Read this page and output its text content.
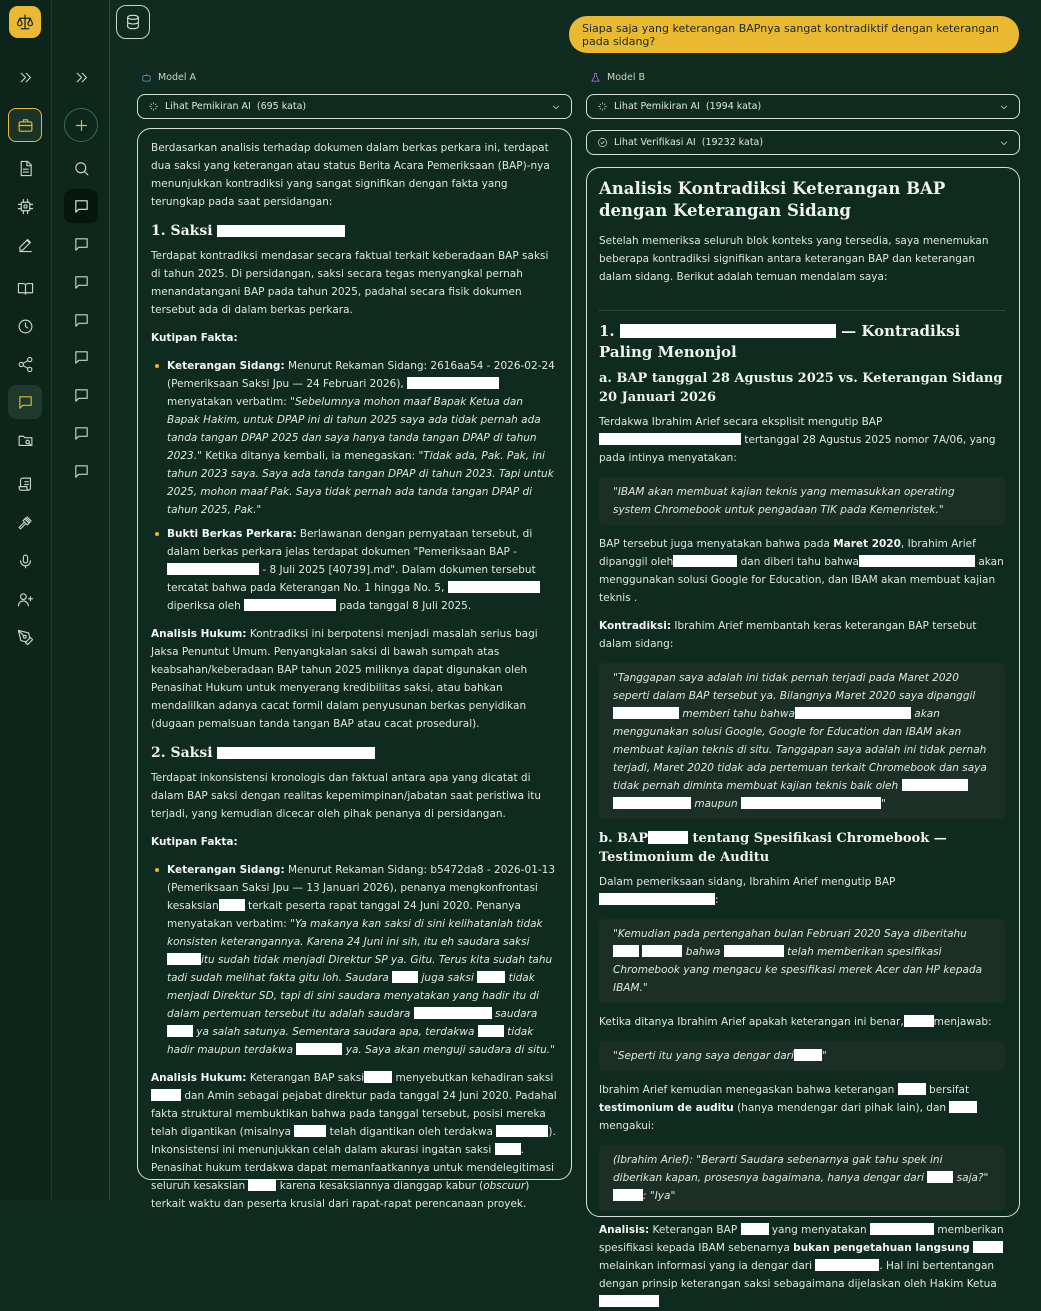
Siapa saja yang keterangan BAPnya sangat kontradiktif dengan keterangan pada sidang?
Model A
Lihat Pemikiran AI (695 kata)
Model B
Lihat Pemikiran AI (1994 kata)
Lihat Verifikasi AI (19232 kata)

Berdasarkan analisis terhadap dokumen dalam berkas perkara ini, terdapat dua saksi yang keterangan atau status Berita Acara Pemeriksaan (BAP)-nya menunjukkan kontradiksi yang sangat signifikan dengan fakta yang terungkap pada saat persidangan:

1. Saksi

Terdapat kontradiksi mendasar secara faktual terkait keberadaan BAP saksi di tahun 2025. Di persidangan, saksi secara tegas menyangkal pernah menandatangani BAP pada tahun 2025, padahal secara fisik dokumen tersebut ada di dalam berkas perkara.

Kutipan Fakta:

Keterangan Sidang: Menurut Rekaman Sidang: 2616aa54 - 2026-02-24 (Pemeriksaan Saksi Jpu — 24 Februari 2026),  menyatakan verbatim: "Sebelumnya mohon maaf Bapak Ketua dan Bapak Hakim, untuk DPAP ini di tahun 2025 saya ada tidak pernah ada tanda tangan DPAP 2025 dan saya hanya tanda tangan DPAP di tahun 2023." Ketika ditanya kembali, ia menegaskan: "Tidak ada, Pak. Pak, ini tahun 2023 saya. Saya ada tanda tangan DPAP di tahun 2023. Tapi untuk 2025, mohon maaf Pak. Saya tidak pernah ada tanda tangan DPAP di tahun 2025, Pak."
Bukti Berkas Perkara: Berlawanan dengan pernyataan tersebut, di dalam berkas perkara jelas terdapat dokumen "Pemeriksaan BAP - - 8 Juli 2025 [40739].md". Dalam dokumen tersebut tercatat bahwa pada Keterangan No. 1 hingga No. 5,  diperiksa oleh	pada tanggal 8 Juli 2025.

Analisis Hukum: Kontradiksi ini berpotensi menjadi masalah serius bagi Jaksa Penuntut Umum. Penyangkalan saksi di bawah sumpah atas keabsahan/keberadaan BAP tahun 2025 miliknya dapat digunakan oleh Penasihat Hukum untuk menyerang kredibilitas saksi, atau bahkan mendalilkan adanya cacat formil dalam penyusunan berkas penyidikan (dugaan pemalsuan tanda tangan BAP atau cacat prosedural).

2. Saksi

Terdapat inkonsistensi kronologis dan faktual antara apa yang dicatat di dalam BAP saksi dengan realitas kepemimpinan/jabatan saat peristiwa itu terjadi, yang kemudian dicecar oleh pihak penanya di persidangan.

Kutipan Fakta:

Keterangan Sidang: Menurut Rekaman Sidang: b5472da8 - 2026-01-13 (Pemeriksaan Saksi Jpu — 13 Januari 2026), penanya mengkonfrontasi kesaksian	terkait peserta rapat tanggal 24 Juni 2020. Penanya menyatakan verbatim: "Ya makanya kan saksi di sini kelihatanlah tidak konsisten keterangannya. Karena 24 Juni ini sih, itu eh saudara saksiitu sudah tidak menjadi Direktur SP ya. Gitu. Terus kita sudah tahu tadi sudah melihat fakta gitu loh. Saudara	juga saksi	tidak menjadi Direktur SD, tapi di sini saudara menyatakan yang hadir itu di dalam pertemuan tersebut itu adalah saudara	saudara  ya salah satunya. Sementara saudara apa, terdakwa	tidak hadir maupun terdakwa	ya. Saya akan menguji saudara di situ."

Analisis Hukum: Keterangan BAP saksi	menyebutkan kehadiran saksi  dan Amin sebagai pejabat direktur pada tanggal 24 Juni 2020. Padahal fakta struktural membuktikan bahwa pada tanggal tersebut, posisi mereka telah digantikan (misalnya	telah digantikan oleh terdakwa	). Inkonsistensi ini menunjukkan celah dalam akurasi ingatan saksi	. Penasihat hukum terdakwa dapat memanfaatkannya untuk mendelegitimasi seluruh kesaksian	karena kesaksiannya dianggap kabur (obscuur) terkait waktu dan peserta krusial dari rapat-rapat perencanaan proyek.

Analisis Kontradiksi Keterangan BAP dengan Keterangan Sidang

Setelah memeriksa seluruh blok konteks yang tersedia, saya menemukan beberapa kontradiksi signifikan antara keterangan BAP dan keterangan dalam sidang. Berikut adalah temuan mendalam saya:

1.	— Kontradiksi Paling Menonjol
a. BAP tanggal 28 Agustus 2025 vs. Keterangan Sidang 20 Januari 2026

Terdakwa Ibrahim Arief secara eksplisit mengutip BAP tertanggal 28 Agustus 2025 nomor 7A/06, yang pada intinya menyatakan:

"IBAM akan membuat kajian teknis yang memasukkan operating system Chromebook untuk pengadaan TIK pada Kemenristek."

BAP tersebut juga menyatakan bahwa pada Maret 2020, Ibrahim Arief dipanggil oleh	dan diberi tahu bahwa	akan menggunakan solusi Google for Education, dan IBAM akan membuat kajian teknis .

Kontradiksi: Ibrahim Arief membantah keras keterangan BAP tersebut dalam sidang:

"Tanggapan saya adalah ini tidak pernah terjadi pada Maret 2020 seperti dalam BAP tersebut ya. Bilangnya Maret 2020 saya dipanggil  memberi tahu bahwa	akan menggunakan solusi Google, Google for Education dan IBAM akan membuat kajian teknis di situ. Tanggapan saya adalah ini tidak pernah terjadi, Maret 2020 tidak ada pertemuan terkait Chromebook dan saya tidak pernah diminta membuat kajian teknis baik oleh   maupun	"

b. BAP	tentang Spesifikasi Chromebook — Testimonium de Auditu

Dalam pemeriksaan sidang, Ibrahim Arief mengutip BAP :

"Kemudian pada pertengahan bulan Februari 2020 Saya diberitahu   bahwa	telah memberikan spesifikasi Chromebook yang mengacu ke spesifikasi merek Acer dan HP kepada IBAM."

Ketika ditanya Ibrahim Arief apakah keterangan ini benar,	menjawab:

"Seperti itu yang saya dengar dari	"

Ibrahim Arief kemudian menegaskan bahwa keterangan	bersifat testimonium de auditu (hanya mendengar dari pihak lain), dan  mengakui:

(Ibrahim Arief): "Berarti Saudara sebenarnya gak tahu spek ini diberikan kapan, prosesnya bagaimana, hanya dengar dari	saja?" : "Iya"

Analisis: Keterangan BAP	yang menyatakan	memberikan spesifikasi kepada IBAM sebenarnya bukan pengetahuan langsung  melainkan informasi yang ia dengar dari	. Hal ini bertentangan dengan prinsip keterangan saksi sebagaimana dijelaskan oleh Hakim Ketua
